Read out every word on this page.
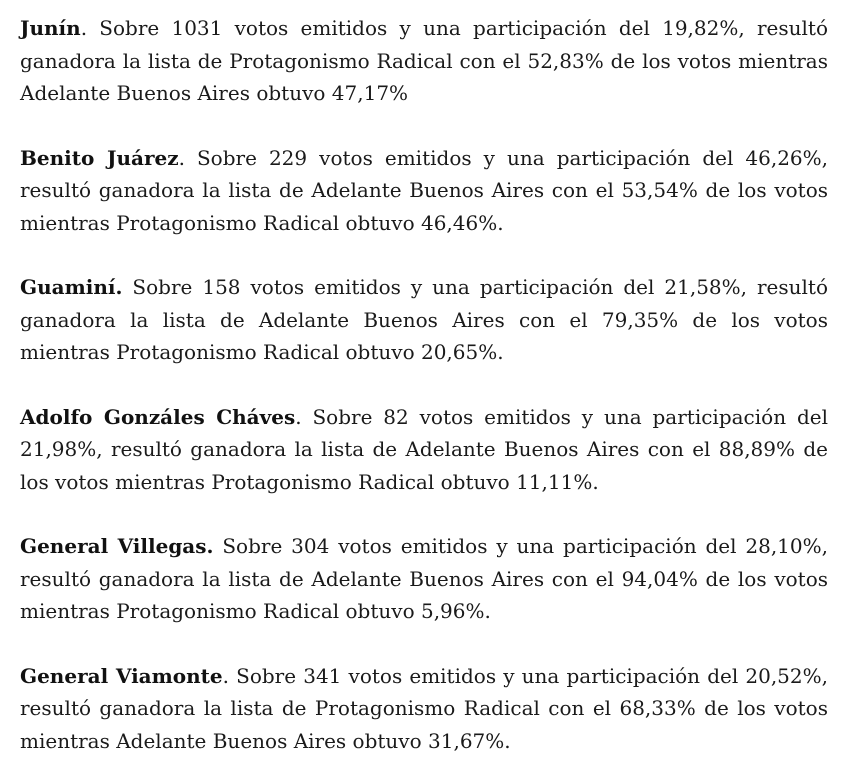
Junín. Sobre 1031 votos emitidos y una participación del 19,82%, resultó ganadora la lista de Protagonismo Radical con el 52,83% de los votos mientras Adelante Buenos Aires obtuvo 47,17%

Benito Juárez. Sobre 229 votos emitidos y una participación del 46,26%, resultó ganadora la lista de Adelante Buenos Aires con el 53,54% de los votos mientras Protagonismo Radical obtuvo 46,46%.

Guaminí. Sobre 158 votos emitidos y una participación del 21,58%, resultó ganadora la lista de Adelante Buenos Aires con el 79,35% de los votos mientras Protagonismo Radical obtuvo 20,65%.

Adolfo Gonzáles Cháves. Sobre 82 votos emitidos y una participación del 21,98%, resultó ganadora la lista de Adelante Buenos Aires con el 88,89% de los votos mientras Protagonismo Radical obtuvo 11,11%.

General Villegas. Sobre 304 votos emitidos y una participación del 28,10%, resultó ganadora la lista de Adelante Buenos Aires con el 94,04% de los votos mientras Protagonismo Radical obtuvo 5,96%.

General Viamonte. Sobre 341 votos emitidos y una participación del 20,52%, resultó ganadora la lista de Protagonismo Radical con el 68,33% de los votos mientras Adelante Buenos Aires obtuvo 31,67%.
